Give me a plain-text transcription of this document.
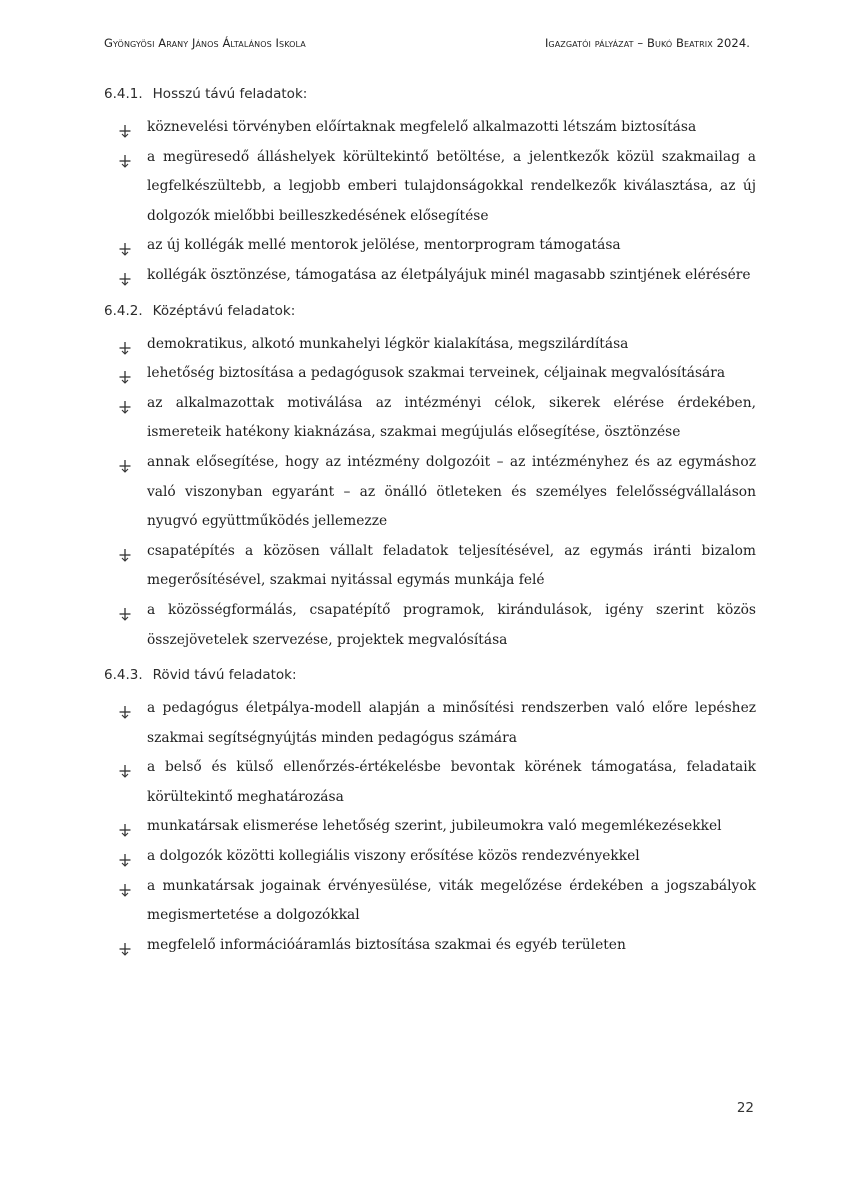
Gyöngyösi Arany János Általános Iskola	Igazgatói pályázat – Bukó Beatrix 2024.
6.4.1. Hosszú távú feladatok:
köznevelési törvényben előírtaknak megfelelő alkalmazotti létszám biztosítása
a megüresedő álláshelyek körültekintő betöltése, a jelentkezők közül szakmailag a legfelkészültebb, a legjobb emberi tulajdonságokkal rendelkezők kiválasztása, az új dolgozók mielőbbi beilleszkedésének elősegítése
az új kollégák mellé mentorok jelölése, mentorprogram támogatása
kollégák ösztönzése, támogatása az életpályájuk minél magasabb szintjének elérésére
6.4.2. Középtávú feladatok:
demokratikus, alkotó munkahelyi légkör kialakítása, megszilárdítása
lehetőség biztosítása a pedagógusok szakmai terveinek, céljainak megvalósítására
az alkalmazottak motiválása az intézményi célok, sikerek elérése érdekében, ismereteik hatékony kiaknázása, szakmai megújulás elősegítése, ösztönzése
annak elősegítése, hogy az intézmény dolgozóit – az intézményhez és az egymáshoz való viszonyban egyaránt – az önálló ötleteken és személyes felelősségvállaláson nyugvó együttműködés jellemezze
csapatépítés a közösen vállalt feladatok teljesítésével, az egymás iránti bizalom megerősítésével, szakmai nyitással egymás munkája felé
a közösségformálás, csapatépítő programok, kirándulások, igény szerint közös összejövetelek szervezése, projektek megvalósítása
6.4.3. Rövid távú feladatok:
a pedagógus életpálya-modell alapján a minősítési rendszerben való előre lepéshez szakmai segítségnyújtás minden pedagógus számára
a belső és külső ellenőrzés-értékelésbe bevontak körének támogatása, feladataik körültekintő meghatározása
munkatársak elismerése lehetőség szerint, jubileumokra való megemlékezésekkel
a dolgozók közötti kollegiális viszony erősítése közös rendezvényekkel
a munkatársak jogainak érvényesülése, viták megelőzése érdekében a jogszabályok megismertetése a dolgozókkal
megfelelő információáramlás biztosítása szakmai és egyéb területen
22
